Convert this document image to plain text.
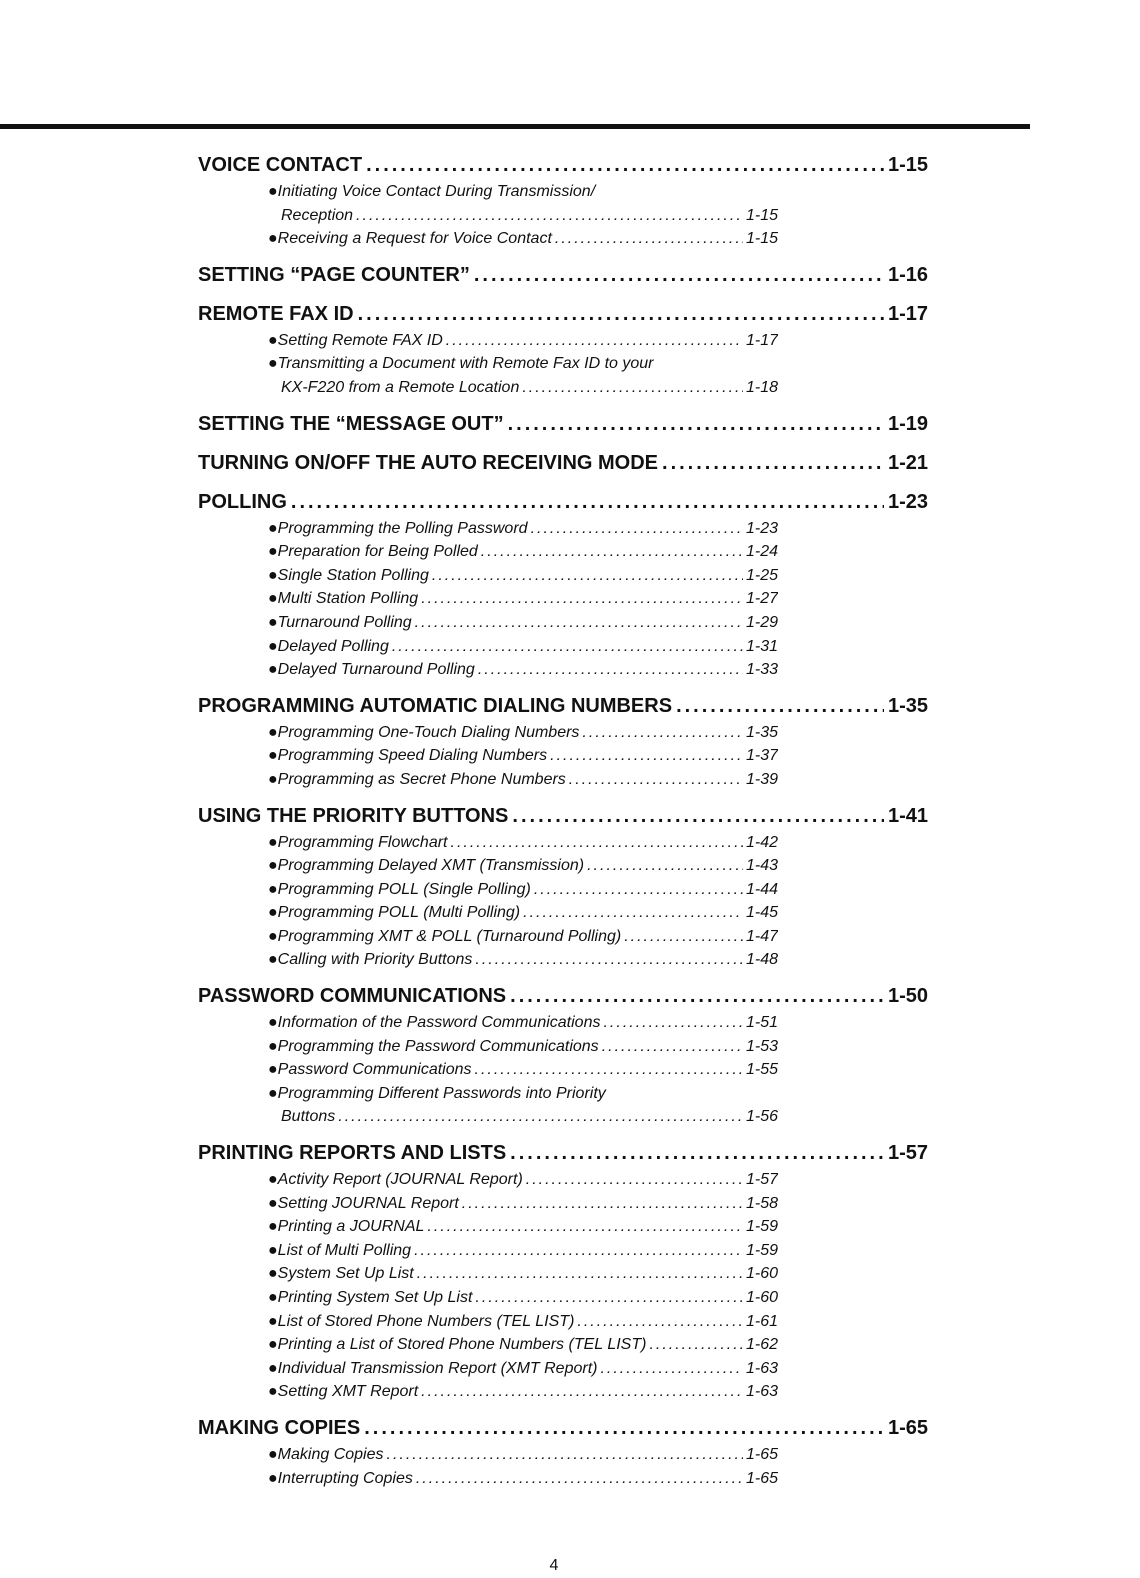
VOICE CONTACT .....	1-15
●Initiating Voice Contact During Transmission/
Reception .....	1-15
●Receiving a Request for Voice Contact .....	1-15
SETTING “PAGE COUNTER” .....	1-16
REMOTE FAX ID .....	1-17
●Setting Remote FAX ID .....	1-17
●Transmitting a Document with Remote Fax ID to your
KX-F220 from a Remote Location .....	1-18
SETTING THE “MESSAGE OUT” .....	1-19
TURNING ON/OFF THE AUTO RECEIVING MODE .....	1-21
POLLING .....	1-23
●Programming the Polling Password .....	1-23
●Preparation for Being Polled .....	1-24
●Single Station Polling .....	1-25
●Multi Station Polling .....	1-27
●Turnaround Polling .....	1-29
●Delayed Polling .....	1-31
●Delayed Turnaround Polling .....	1-33
PROGRAMMING AUTOMATIC DIALING NUMBERS .....	1-35
●Programming One-Touch Dialing Numbers .....	1-35
●Programming Speed Dialing Numbers .....	1-37
●Programming as Secret Phone Numbers .....	1-39
USING THE PRIORITY BUTTONS .....	1-41
●Programming Flowchart .....	1-42
●Programming Delayed XMT (Transmission) .....	1-43
●Programming POLL (Single Polling) .....	1-44
●Programming POLL (Multi Polling) .....	1-45
●Programming XMT & POLL (Turnaround Polling) .....	1-47
●Calling with Priority Buttons .....	1-48
PASSWORD COMMUNICATIONS .....	1-50
●Information of the Password Communications .....	1-51
●Programming the Password Communications .....	1-53
●Password Communications .....	1-55
●Programming Different Passwords into Priority
Buttons .....	1-56
PRINTING REPORTS AND LISTS .....	1-57
●Activity Report (JOURNAL Report) .....	1-57
●Setting JOURNAL Report .....	1-58
●Printing a JOURNAL .....	1-59
●List of Multi Polling .....	1-59
●System Set Up List .....	1-60
●Printing System Set Up List .....	1-60
●List of Stored Phone Numbers (TEL LIST) .....	1-61
●Printing a List of Stored Phone Numbers (TEL LIST) .....	1-62
●Individual Transmission Report (XMT Report) .....	1-63
●Setting XMT Report .....	1-63
MAKING COPIES .....	1-65
●Making Copies .....	1-65
●Interrupting Copies .....	1-65
4
